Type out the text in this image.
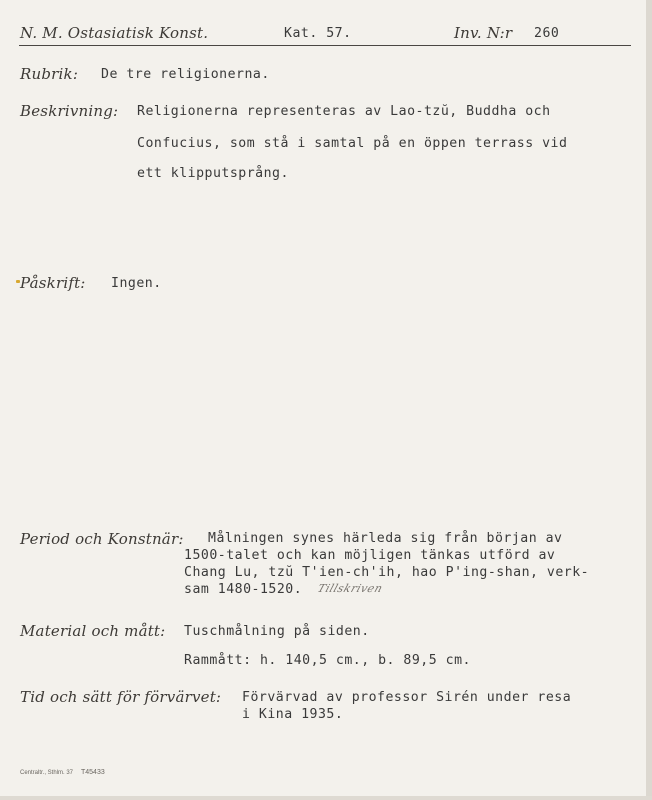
N. M. Ostasiatisk Konst.	Kat. 57.	Inv. N:r 260
Rubrik: De tre religionerna.
Beskrivning: Religionerna representeras av Lao-tzŭ, Buddha och
Confucius, som stå i samtal på en öppen terrass vid
ett klipputsprång.
Påskrift: Ingen.
Period och Konstnär: Målningen synes härleda sig från början av
1500-talet och kan möjligen tänkas utförd av
Chang Lu, tzŭ T'ien-ch'ih, hao P'ing-shan, verk-
sam 1480-1520. Tillskriven
Material och mått: Tuschmålning på siden.
Rammått: h. 140,5 cm., b. 89,5 cm.
Tid och sätt för förvärvet: Förvärvad av professor Sirén under resa
i Kina 1935.
Centraltr., Sthlm. 37 T45433
